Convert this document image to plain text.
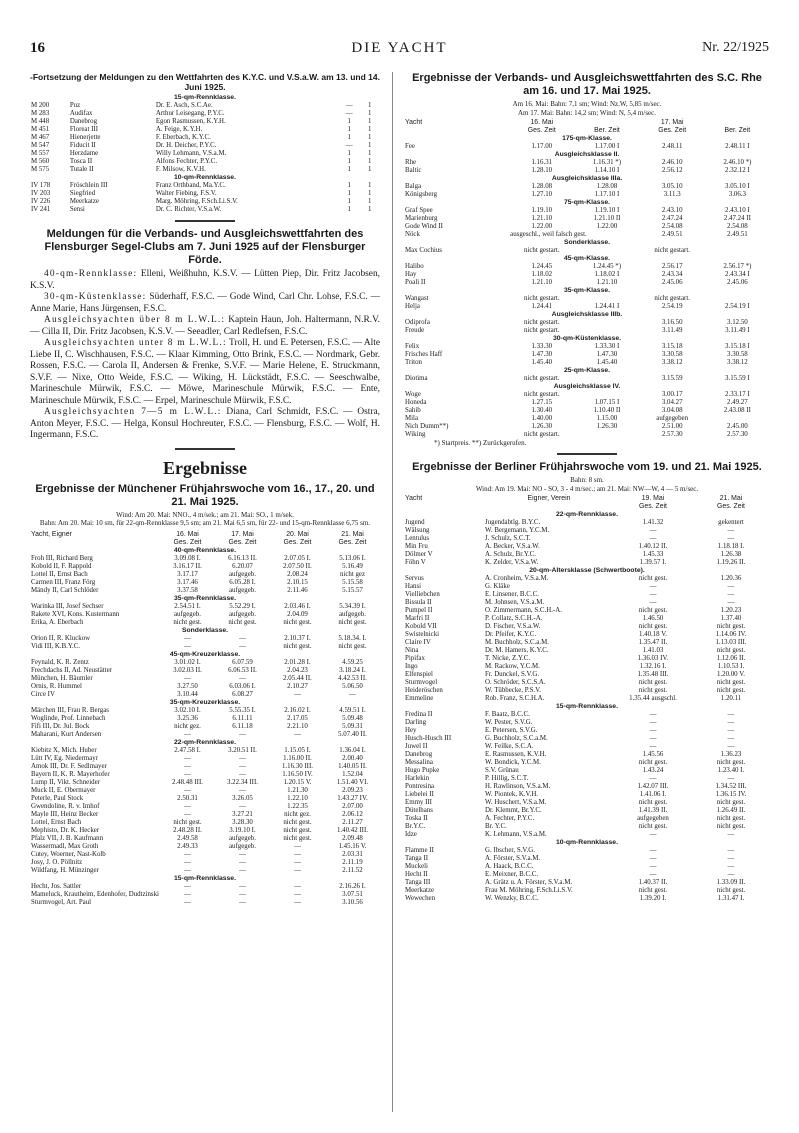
16	DIE YACHT	Nr. 22/1925
-Fortsetzung der Meldungen zu den Wettfahrten des K.Y.C. und V.S.a.W. am 13. und 14. Juni 1925.
15-qm-Rennklasse.				
M 200	Puz	Dr. E. Asch, S.C.Ae.	—	1
M 283	Audifax	Arthur Leisegang, P.Y.C.	—	1
M 448	Danebrog	Egon Rasmussen, K.Y.H.	1	1
M 451	Floreat III	A. Feige, K.Y.H.	1	1
M 467	Hienerjette	F. Eberbach, K.Y.C.	1	1
M 547	Fiducit II	Dr. H. Deicher, P.Y.C.	—	1
M 557	Herzdame	Willy Lehmann, V.S.a.M.	1	1
M 560	Tosca II	Alfons Fechter, P.Y.C.	1	1
M 575	Tutale II	F. Milsow, K.V.H.	1	1
10-qm-Rennklasse.				
IV 178	Fröschlein III	Franz Orthband, Ma.Y.C.	1	1
IV 203	Siegfried	Walter Fiebing, F.S.V.	1	1
IV 226	Meerkatze	Marg. Möhring, F.Sch.Li.S.V.	1	1
IV 241	Sensi	Dr. C. Richter, V.S.a.W.	1	1
Meldungen für die Verbands- und Ausgleichswettfahrten des Flensburger Segel-Clubs am 7. Juni 1925 auf der Flensburger Förde.

40-qm-Rennklasse: Elleni, Weißhuhn, K.S.V. — Lütten Piep, Dir. Fritz Jacobsen, K.S.V.

30-qm-Küstenklasse: Süderhaff, F.S.C. — Gode Wind, Carl Chr. Lohse, F.S.C. — Anne Marie, Hans Jürgensen, F.S.C.

Ausgleichsyachten über 8 m L.W.L.: Kaptein Haun, Joh. Haltermann, N.R.V. — Cilla II, Dir. Fritz Jacobsen, K.S.V. — Seeadler, Carl Redlefsen, F.S.C.

Ausgleichsyachten unter 8 m L.W.L.: Troll, H. und E. Petersen, F.S.C. — Alte Liebe II, C. Wischhausen, F.S.C. — Klaar Kimming, Otto Brink, F.S.C. — Nordmark, Gebr. Rossen, F.S.C. — Carola II, Andersen & Frenke, S.V.F. — Marie Helene, E. Struckmann, S.V.F. — Nixe, Otto Weide, F.S.C. — Wiking, H. Lückstädt, F.S.C. — Seeschwalbe, Marineschule Mürwik, F.S.C. — Möwe, Marineschule Mürwik, F.S.C. — Ente, Marineschule Mürwik, F.S.C. — Erpel, Marineschule Mürwik, F.S.C.

Ausgleichsyachten 7—5 m L.W.L.: Diana, Carl Schmidt, F.S.C. — Ostra, Anton Meyer, F.S.C. — Helga, Konsul Hochreuter, F.S.C. — Flensburg, F.S.C. — Wolf, H. Ingermann, F.S.C.

Ergebnisse
Ergebnisse der Münchener Frühjahrswoche vom 16., 17., 20. und 21. Mai 1925.
Wind: Am 20. Mai: NNO., 4 m/sek.; am 21. Mai: SO., 1 m/sek.
Bahn: Am 20. Mai: 10 sm, für 22-qm-Rennklasse 9,5 sm; am 21. Mai 6,5 sm, für 22- und 15-qm-Rennklasse 6,75 sm.
Yacht, Eigner	16. Mai	17. Mai	20. Mai	21. Mai
	Ges. Zeit	Ges. Zeit	Ges. Zeit	Ges. Zeit
40-qm-Rennklasse.				
Froh III, Richard Berg	3.09.08 I.	6.16.13 II.	2.07.05 I.	5.13.06 I.
Kobold II, F. Rappold	3.16.17 II.	6.20.07	2.07.50 II.	5.16.49
Lottel II, Ernst Bach	3.17.17	aufgegeb.	2.08.24	nicht gez
Carmen III, Franz Förg	3.17.46	6.05.28 I.	2.10.15	5.15.58
Mändy II, Carl Schlöder	3.37.58	aufgegeb.	2.11.46	5.15.57
35-qm-Rennklasse.				
Warinka III, Josef Sechser	2.54.51 I.	5.52.29 I.	2.03.46 I.	5.34.39 I.
Rakete XVI, Kons. Kustermann	aufgegeb.	aufgegeb.	2.04.09	aufgegeb.
Erika, A. Eberbach	nicht gest.	nicht gest.	nicht gest.	nicht gest.
Sonderklasse.				
Orion II, R. Kluckow	—	—	2.10.37 I.	5.18.34. I.
Vidi III, K.B.Y.C.	—	—	nicht gest.	nicht gest.
45-qm-Kreuzerklasse.				
Feynald, K. R. Zentz	3.01.02 I.	6.07.59	2.01.28 I.	4.59.25
Frechdachs II, Ad. Neustätter	3.02.03 II.	6.06.53 II.	2.04.23	3.18.24 I.
München, H. Bäumler	—	—	2.05.44 II.	4.42.53 II.
Ornis, R. Hummel	3.27.50	6.03.06 I.	2.10.27	5.06.50
Circe IV	3.10.44	6.08.27	—	—
35-qm-Kreuzerklasse.				
Märchen III, Frau R. Bergas	3.02.10 I.	5.55.35 I.	2.16.02 I.	4.59.51 I.
Woglinde, Prof. Linnebach	3.25.36	6.11.11	2.17.05	5.09.48
Fifi III, Dr. Jul. Bock	nicht gez.	6.11.18	2.21.10	5.09.31
Maharani, Kurt Andersen	—	—	—	5.07.40 II.
22-qm-Rennklasse.				
Kiebitz X, Mich. Huber	2.47.58 I.	3.20.51 II.	1.15.05 I.	1.36.04 I.
Lütt IV, Eg. Niedermayr	—	—	1.16.00 II.	2.00.40
Amok III, Dr. F. Sedlmayer	—	—	1.16.30 III.	1.40.05 II.
Bayern II, K. R. Mayerhofer	—	—	1.16.50 IV.	1.52.04
Lump II, Vikt. Schneider	2.48.48 III.	3.22.34 III.	1.20.15 V.	1.51.40 VI.
Muck II, E. Obermayer	—	—	1.21.30	2.09.23
Peterle, Paul Stock	2.50.31	3.26.05	1.22.10	1.43.27 IV.
Gwendoline, R. v. Imhof	—	—	1.22.35	2.07.00
Mayle III, Heinz Becker	—	3.27.21	nicht gez.	2.06.12
Lottel, Ernst Bach	nicht gest.	3.28.30	nicht gest.	2.11.27
Mephisto, Dr. K. Hecker	2.48.28 II.	3.19.10 I.	nicht gest.	1.40.42 III.
Pfalz VII, J. B. Kaufmann	2.49.58	aufgegeb.	nicht gest.	2.09.48
Wassermadl, Max Groth	2.49.33	aufgegeb.	—	1.45.16 V.
Cutey, Woerner, Nast-Kolb	—	—	—	2.03.31
Josy, J. O. Pöllnitz	—	—	—	2.11.19
Wildfang, H. Münzinger	—	—	—	2.11.52
15-qm-Rennklasse.				
Hecht, Jos. Sattler	—	—	—	2.16.26 I.
Mameluck, Krautheim, Edenhofer, Dudtzinski	—	—	—	3.07.51
Sturmvogel, Art. Paul	—	—	—	3.10.56
Ergebnisse der Verbands- und Ausgleichswettfahrten des S.C. Rhe am 16. und 17. Mai 1925.
Am 16. Mai: Bahn: 7,1 sm; Wind: Nz.W, 5,85 m/sec.
Am 17. Mai: Bahn: 14,2 sm; Wind: N, 5,4 m/sec.
Yacht	16. Mai		17. Mai	
	Ges. Zeit	Ber. Zeit	Ges. Zeit	Ber. Zeit
175-qm-Klasse.				
Fee	1.17.00	1.17.00 I	2.48.11	2.48.11 I
Ausgleichsklasse II.				
Rhe	1.16.31	1.16.31 *)	2.46.10	2.46.10 *)
Baltic	1.28.10	1.14.10 I	2.56.12	2.32.12 I
Ausgleichsklasse IIIa.				
Balga	1.28.08	1.28.08	3.05.10	3.05.10 I
Königsberg	1.27.10	1.17.10 I	3.11.3	3.06.3
75-qm-Klasse.				
Graf Spee	1.19.10	1.19.10 I	2.43.10	2.43.10 I
Marienburg	1.21.10	1.21.10 II	2.47.24	2.47.24 II
Gode Wind II	1.22.00	1.22.00	2.54.08	2.54.08
Nöck	ausgeschl., weil falsch gest.		2.49.51	2.49.51
Sonderklasse.				
Max Cochius	nicht gestart.		nicht gestart.	
45-qm-Klasse.				
Halibo	1.24.45	1.24.45 *)	2.56.17	2.56.17 *)
Hay	1.18.02	1.18.02 I	2.43.34	2.43.34 I
Poali II	1.21.10	1.21.10	2.45.06	2.45.06
35-qm-Klasse.				
Wangast	nicht gestart.		nicht gestart.	
Helja	1.24.41	1.24.41 I	2.54.19	2.54.19 I
Ausgleichsklasse IIIb.				
Odiprofa	nicht gestart.		3.16.50	3.12.50
Freude	nicht gestart.		3.11.49	3.11.49 I
30-qm-Küstenklasse.				
Felix	1.33.30	1.33.30 I	3.15.18	3.15.18 I
Frisches Haff	1.47.30	1.47.30	3.30.58	3.30.58
Triton	1.45.40	1.45.40	3.38.12	3.38.12
25-qm-Klasse.				
Diotima	nicht gestart.		3.15.59	3.15.59 I
Ausgleichsklasse IV.				
Woge	nicht gestart.		3.00.17	2.33.17 I
Honeda	1.27.15	1.07.15 I	3.04.27	2.49.27
Sahib	1.30.40	1.10.40 II	3.04.08	2.43.08 II
Mila	1.40.00	1.15.00	aufgegeben	
Nich Dumm**)	1.26.30	1.26.30	2.51.00	2.45.00
Wiking	nicht gestart.		2.57.30	2.57.30
*) Startpreis. **) Zurückgerufen.
Ergebnisse der Berliner Frühjahrswoche vom 19. und 21. Mai 1925.
Bahn: 8 sm.
Wind: Am 19. Mai: NO - SO, 3 - 4 m/sec.; am 21. Mai: NW—W, 4 — 5 m/sec.
Yacht	Eigner, Verein	19. Mai	21. Mai
		Ges. Zeit	Ges. Zeit
22-qm-Rennklasse.			
Jugend	Jugendabtlg. B.Y.C.	1.41.32	gekentert
Wälsung	W. Bergemann, Y.C.M.	—	—
Lentulus	J. Schulz, S.C.T.	—	—
Min Fru	A. Becker, V.S.a.W.	1.40.12 II.	1.18.18 I.
Dölmer V	A. Schulz, Br.Y.C.	1.45.33	1.26.38
Föhn V	K. Zelder, V.S.a.W.	1.39.57 I.	1.19.26 II.
20-qm-Altersklasse (Schwertboote).			
Servus	A. Cronheim, V.S.a.M.	nicht gest.	1.20.36
Hansi	G. Kläke	—	—
Vielliebchen	E. Linsener, B.C.C.	—	—
Bissula II	M. Johnsen, V.S.a.M.	—	—
Pumpel II	O. Zimmermann, S.C.H.-A.	nicht gest.	1.20.23
Marfri II	P. Collatz, S.C.H.-A.	1.46.50	1.37.40
Kobold VII	D. Fischer, V.S.a.W.	nicht gest.	nicht gest.
Swistelnicki	Dr. Pfeifer, K.Y.C.	1.40.18 V.	1.14.06 IV.
Claire IV	M. Buchholz, S.C.a.M.	1.35.47 II.	1.13.03 III.
Nina	Dr. M. Hamers, K.Y.C.	1.41.03	nicht gest.
Pipifax	T. Nicke, Z.Y.C.	1.36.03 IV.	1.12.06 II.
Ingo	M. Rackow, Y.C.M.	1.32.16 I.	1.10.53 I.
Elfenspiel	Fr. Dunckel, S.V.G.	1.35.48 III.	1.20.00 V.
Sturmvogel	O. Schröder, S.C.S.A.	nicht gest.	nicht gest.
Heideröschen	W. Tübbecke, P.S.V.	nicht gest.	nicht gest.
Emmeline	Rob. Franz, S.C.H.A.	1.35.44 ausgschl.	1.20.11
15-qm-Rennklasse.			
Fredina II	F. Baatz, B.C.C.	—	—
Darling	W. Pester, S.V.G.	—	—
Hey	E. Petersen, S.V.G.	—	—
Husch-Husch III	G. Buchholz, S.C.a.M.	—	—
Juwel II	W. Feilke, S.C.A.	—	—
Danebrog	E. Rasmussen, K.V.H.	1.45.56	1.36.23
Messalina	W. Bondick, Y.C.M.	nicht gest.	nicht gest.
Hugo Pupke	S.V. Grünau	1.43.24	1.23.40 I.
Harlekin	P. Hillig, S.C.T.	—	—
Pontresina	H. Rawlinson, V.S.a.M.	1.42.07 III.	1.34.52 III.
Liebelei II	W. Piontek, K.V.H.	1.41.06 I.	1.36.15 IV.
Emmy III	W. Huschert, V.S.a.M.	nicht gest.	nicht gest.
Dütelhans	Dr. Klemmt, Br.Y.C.	1.41.39 II.	1.26.49 II.
Toska II	A. Fechter, P.Y.C.	aufgegeben	nicht gest.
Br.Y.C.	Br. Y.C.	nicht gest.	nicht gest.
Idze	K. Lehmann, V.S.a.M.	—	—
10-qm-Rennklasse.			
Flamme II	G. Ibscher, S.V.G.	—	—
Tanga II	A. Förster, S.V.a.M.	—	—
Muckeli	A. Haack, B.C.C.	—	—
Hecht II	E. Meixner, B.C.C.	—	—
Tanga III	A. Grätz u. A. Förster, S.V.a.M.	1.40.37 II.	1.33.09 II.
Meerkatze	Frau M. Möhring, F.Sch.Li.S.V.	nicht gest.	nicht gest.
Wewechen	W. Wenzky, B.C.C.	1.39.20 I.	1.31.47 I.
